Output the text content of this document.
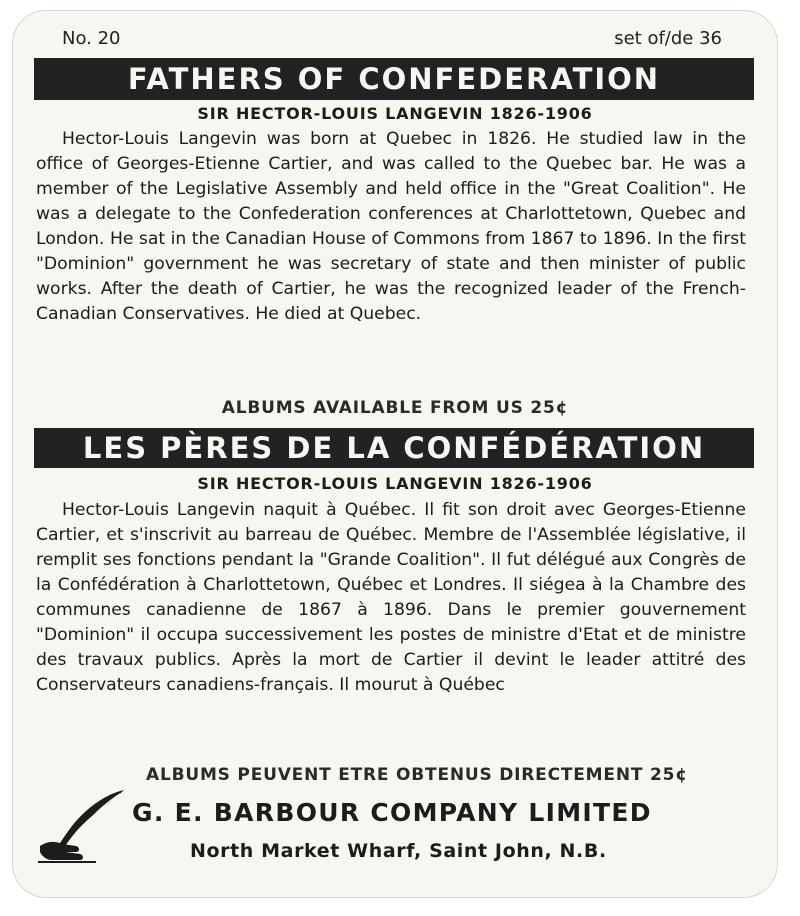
No. 20	set of/de 36
FATHERS OF CONFEDERATION
SIR HECTOR-LOUIS LANGEVIN 1826-1906
Hector-Louis Langevin was born at Quebec in 1826. He studied law in the office of Georges-Etienne Cartier, and was called to the Quebec bar. He was a member of the Legislative Assembly and held office in the "Great Coalition". He was a delegate to the Confederation conferences at Charlottetown, Quebec and London. He sat in the Canadian House of Commons from 1867 to 1896. In the first "Dominion" government he was secretary of state and then minister of public works. After the death of Cartier, he was the recognized leader of the French-Canadian Conservatives. He died at Quebec.
ALBUMS AVAILABLE FROM US 25¢
LES PÈRES DE LA CONFÉDÉRATION
SIR HECTOR-LOUIS LANGEVIN 1826-1906
Hector-Louis Langevin naquit à Québec. Il fit son droit avec Georges-Etienne Cartier, et s'inscrivit au barreau de Québec. Membre de l'Assemblée législative, il remplit ses fonctions pendant la "Grande Coalition". Il fut délégué aux Congrès de la Confédération à Charlottetown, Québec et Londres. Il siégea à la Chambre des communes canadienne de 1867 à 1896. Dans le premier gouvernement "Dominion" il occupa successivement les postes de ministre d'Etat et de ministre des travaux publics. Après la mort de Cartier il devint le leader attitré des Conservateurs canadiens-français. Il mourut à Québec
ALBUMS PEUVENT ETRE OBTENUS DIRECTEMENT 25¢
G. E. BARBOUR COMPANY LIMITED
North Market Wharf, Saint John, N.B.
